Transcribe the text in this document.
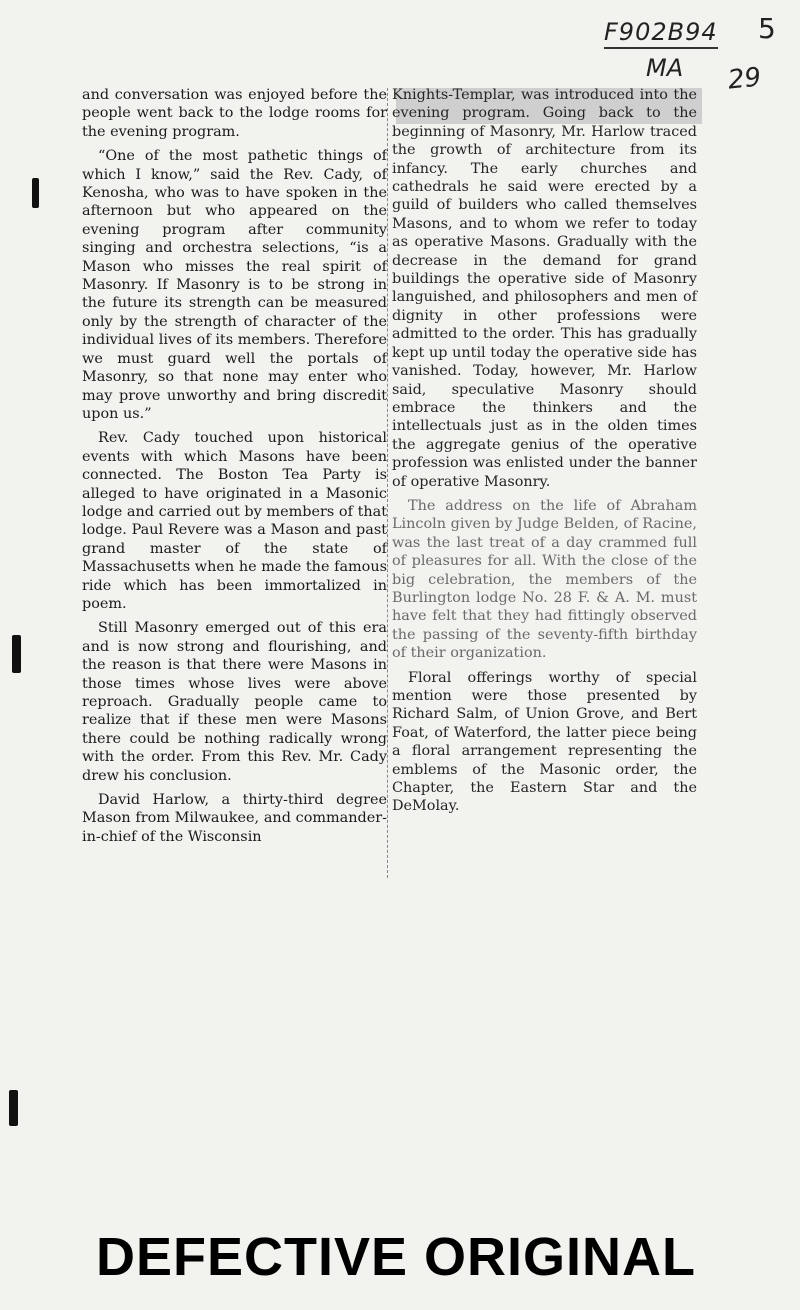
F902B94 5
MA 29

and conversation was enjoyed before the people went back to the lodge rooms for the evening program.

“One of the most pathetic things of which I know,” said the Rev. Cady, of Kenosha, who was to have spoken in the afternoon but who appeared on the evening program after community singing and orchestra selections, “is a Mason who misses the real spirit of Masonry. If Masonry is to be strong in the future its strength can be measured only by the strength of character of the individual lives of its members. Therefore we must guard well the portals of Masonry, so that none may enter who may prove unworthy and bring discredit upon us.”

Rev. Cady touched upon historical events with which Masons have been connected. The Boston Tea Party is alleged to have originated in a Masonic lodge and carried out by members of that lodge. Paul Revere was a Mason and past grand master of the state of Massachusetts when he made the famous ride which has been immortalized in poem.

Still Masonry emerged out of this era and is now strong and flourishing, and the reason is that there were Masons in those times whose lives were above reproach. Gradually people came to realize that if these men were Masons there could be nothing radically wrong with the order. From this Rev. Mr. Cady drew his conclusion.

David Harlow, a thirty-third degree Mason from Milwaukee, and commander-in-chief of the Wisconsin

Knights-Templar, was introduced into the evening program. Going back to the beginning of Masonry, Mr. Harlow traced the growth of architecture from its infancy. The early churches and cathedrals he said were erected by a guild of builders who called themselves Masons, and to whom we refer to today as operative Masons. Gradually with the decrease in the demand for grand buildings the operative side of Masonry languished, and philosophers and men of dignity in other professions were admitted to the order. This has gradually kept up until today the operative side has vanished. Today, however, Mr. Harlow said, speculative Masonry should embrace the thinkers and the intellectuals just as in the olden times the aggregate genius of the operative profession was enlisted under the banner of operative Masonry.

The address on the life of Abraham Lincoln given by Judge Belden, of Racine, was the last treat of a day crammed full of pleasures for all. With the close of the big celebration, the members of the Burlington lodge No. 28 F. & A. M. must have felt that they had fittingly observed the passing of the seventy-fifth birthday of their organization.

Floral offerings worthy of special mention were those presented by Richard Salm, of Union Grove, and Bert Foat, of Waterford, the latter piece being a floral arrangement representing the emblems of the Masonic order, the Chapter, the Eastern Star and the DeMolay.

DEFECTIVE ORIGINAL
